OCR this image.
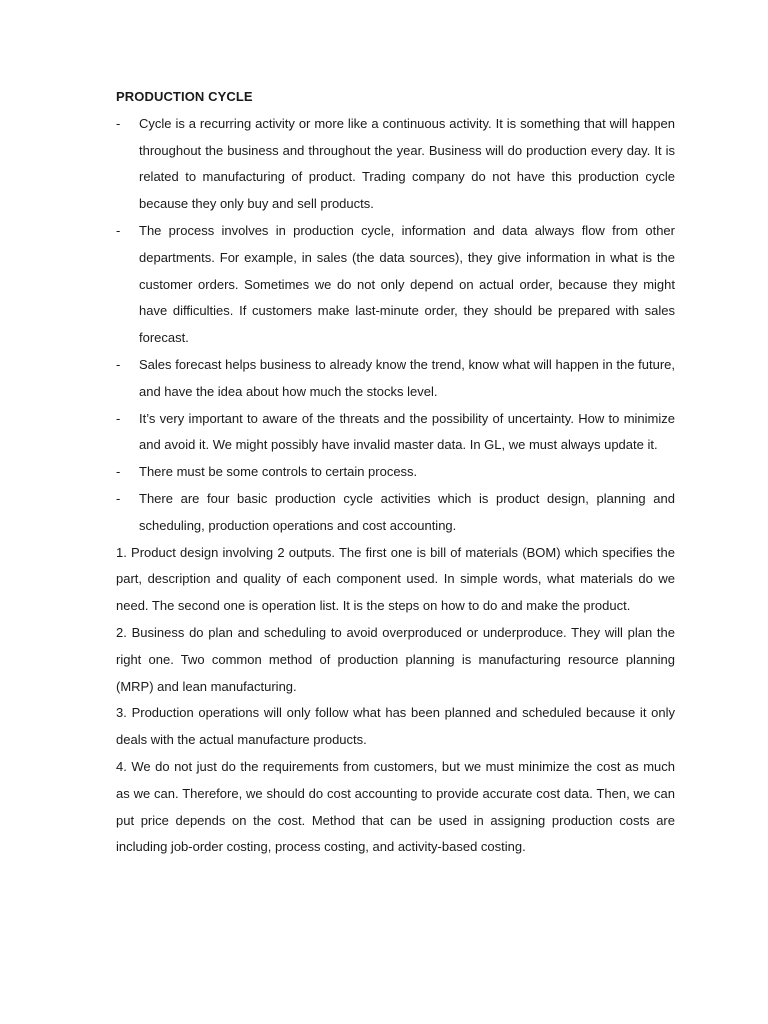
PRODUCTION CYCLE

- Cycle is a recurring activity or more like a continuous activity. It is something that will happen throughout the business and throughout the year. Business will do production every day. It is related to manufacturing of product. Trading company do not have this production cycle because they only buy and sell products.
- The process involves in production cycle, information and data always flow from other departments. For example, in sales (the data sources), they give information in what is the customer orders. Sometimes we do not only depend on actual order, because they might have difficulties. If customers make last-minute order, they should be prepared with sales forecast.
- Sales forecast helps business to already know the trend, know what will happen in the future, and have the idea about how much the stocks level.
- It’s very important to aware of the threats and the possibility of uncertainty. How to minimize and avoid it. We might possibly have invalid master data. In GL, we must always update it.
- There must be some controls to certain process.
- There are four basic production cycle activities which is product design, planning and scheduling, production operations and cost accounting.

1. Product design involving 2 outputs. The first one is bill of materials (BOM) which specifies the part, description and quality of each component used. In simple words, what materials do we need. The second one is operation list. It is the steps on how to do and make the product.

2. Business do plan and scheduling to avoid overproduced or underproduce. They will plan the right one. Two common method of production planning is manufacturing resource planning (MRP) and lean manufacturing.

3. Production operations will only follow what has been planned and scheduled because it only deals with the actual manufacture products.

4. We do not just do the requirements from customers, but we must minimize the cost as much as we can. Therefore, we should do cost accounting to provide accurate cost data. Then, we can put price depends on the cost. Method that can be used in assigning production costs are including job-order costing, process costing, and activity-based costing.
